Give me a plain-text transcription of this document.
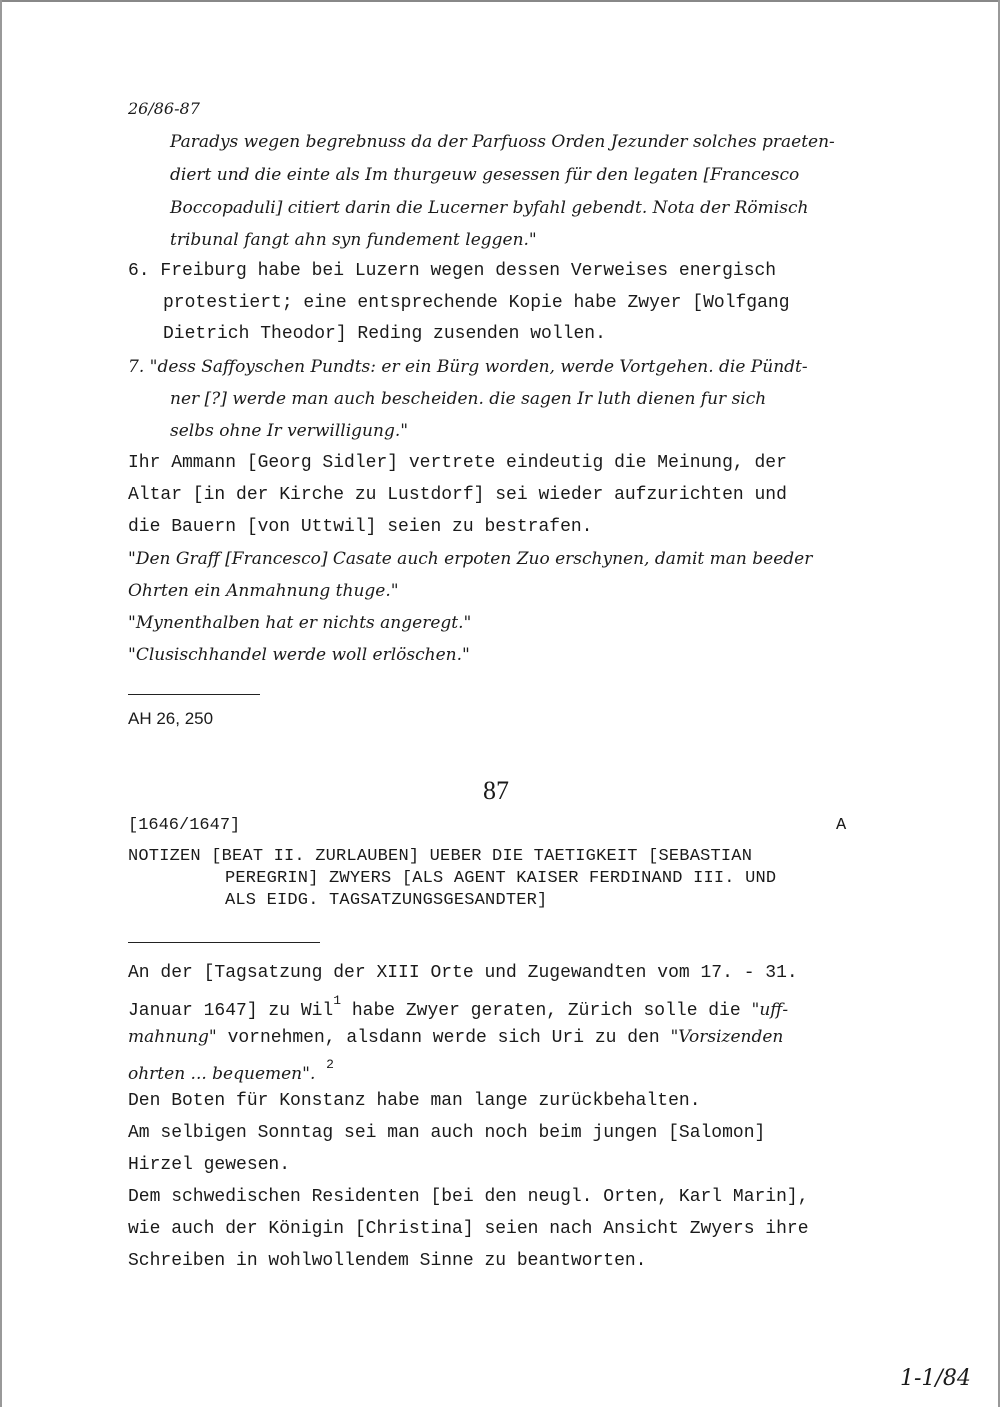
26/86-87
Paradys wegen begrebnuss da der Parfuoss Orden Jezunder solches praeten-
diert und die einte als Im thurgeuw gesessen für den legaten [Francesco
Boccopaduli] citiert darin die Lucerner byfahl gebendt. Nota der Römisch
tribunal fangt ahn syn fundement leggen."
6. Freiburg habe bei Luzern wegen dessen Verweises energisch
protestiert; eine entsprechende Kopie habe Zwyer [Wolfgang
Dietrich Theodor] Reding zusenden wollen.
7. "dess Saffoyschen Pundts: er ein Bürg worden, werde Vortgehen. die Pündt-
ner [?] werde man auch bescheiden. die sagen Ir luth dienen fur sich
selbs ohne Ir verwilligung."
Ihr Ammann [Georg Sidler] vertrete eindeutig die Meinung, der
Altar [in der Kirche zu Lustdorf] sei wieder aufzurichten und
die Bauern [von Uttwil] seien zu bestrafen.
"Den Graff [Francesco] Casate auch erpoten Zuo erschynen, damit man beeder
Ohrten ein Anmahnung thuge."
"Mynenthalben hat er nichts angeregt."
"Clusischhandel werde woll erlöschen."
AH 26, 250
87
[1646/1647]	A
NOTIZEN [BEAT II. ZURLAUBEN] UEBER DIE TAETIGKEIT [SEBASTIAN
PEREGRIN] ZWYERS [ALS AGENT KAISER FERDINAND III. UND
ALS EIDG. TAGSATZUNGSGESANDTER]
An der [Tagsatzung der XIII Orte und Zugewandten vom 17. - 31.
Januar 1647] zu Wil$^1$ habe Zwyer geraten, Zürich solle die "uff-
mahnung" vornehmen, alsdann werde sich Uri zu den "Vorsizenden
ohrten ... bequemen". $^2$
Den Boten für Konstanz habe man lange zurückbehalten.
Am selbigen Sonntag sei man auch noch beim jungen [Salomon]
Hirzel gewesen.
Dem schwedischen Residenten [bei den neugl. Orten, Karl Marin],
wie auch der Königin [Christina] seien nach Ansicht Zwyers ihre
Schreiben in wohlwollendem Sinne zu beantworten.
1-1/84
